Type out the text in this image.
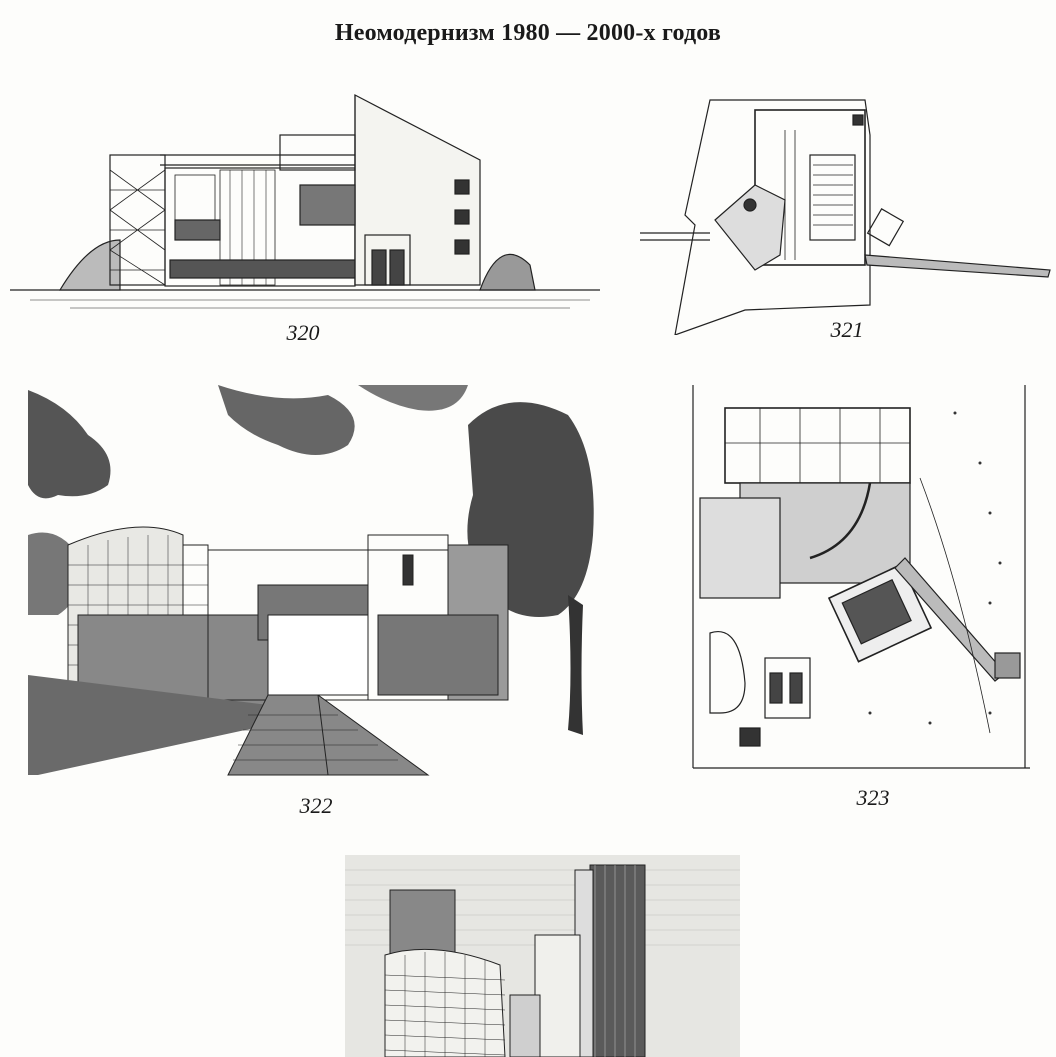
Неомодернизм 1980 — 2000-х годов
320	321
322	323
